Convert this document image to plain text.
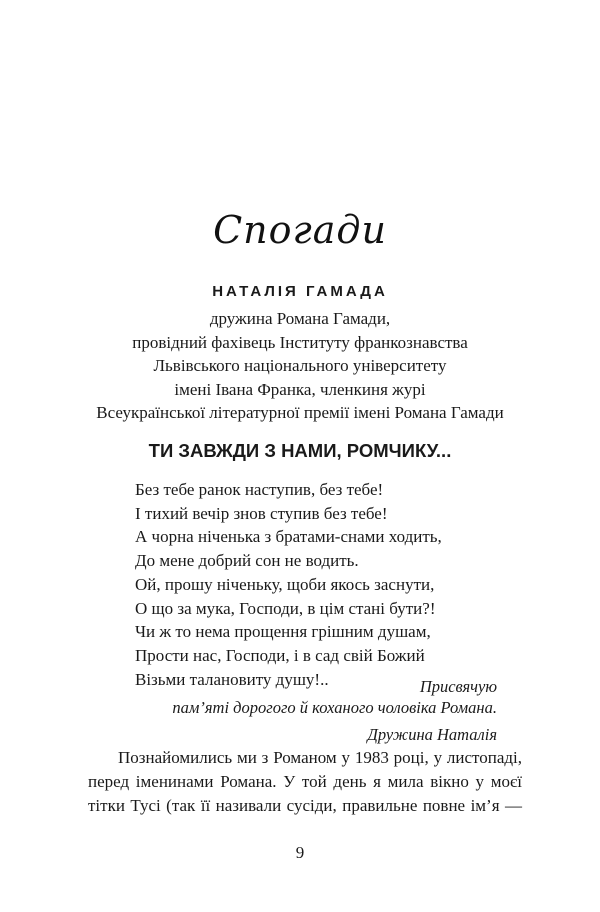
Спогади
НАТАЛІЯ ГАМАДА
дружина Романа Гамади,
провідний фахівець Інституту франкознавства
Львівського національного університету
імені Івана Франка, членкиня журі
Всеукраїнської літературної премії імені Романа Гамади
ТИ ЗАВЖДИ З НАМИ, РОМЧИКУ...
Без тебе ранок наступив, без тебе!
І тихий вечір знов ступив без тебе!
А чорна ніченька з братами-снами ходить,
До мене добрий сон не водить.
Ой, прошу ніченьку, щоби якось заснути,
О що за мука, Господи, в цім стані бути?!
Чи ж то нема прощення грішним душам,
Прости нас, Господи, і в сад свій Божий
Візьми талановиту душу!..	Присвячую
пам’яті дорогого й коханого чоловіка Романа.
Дружина Наталія
Познайомились ми з Романом у 1983 році, у листопаді,
перед іменинами Романа. У той день я мила вікно у моєї
тітки Тусі (так її називали сусіди, правильне повне ім’я —
9
